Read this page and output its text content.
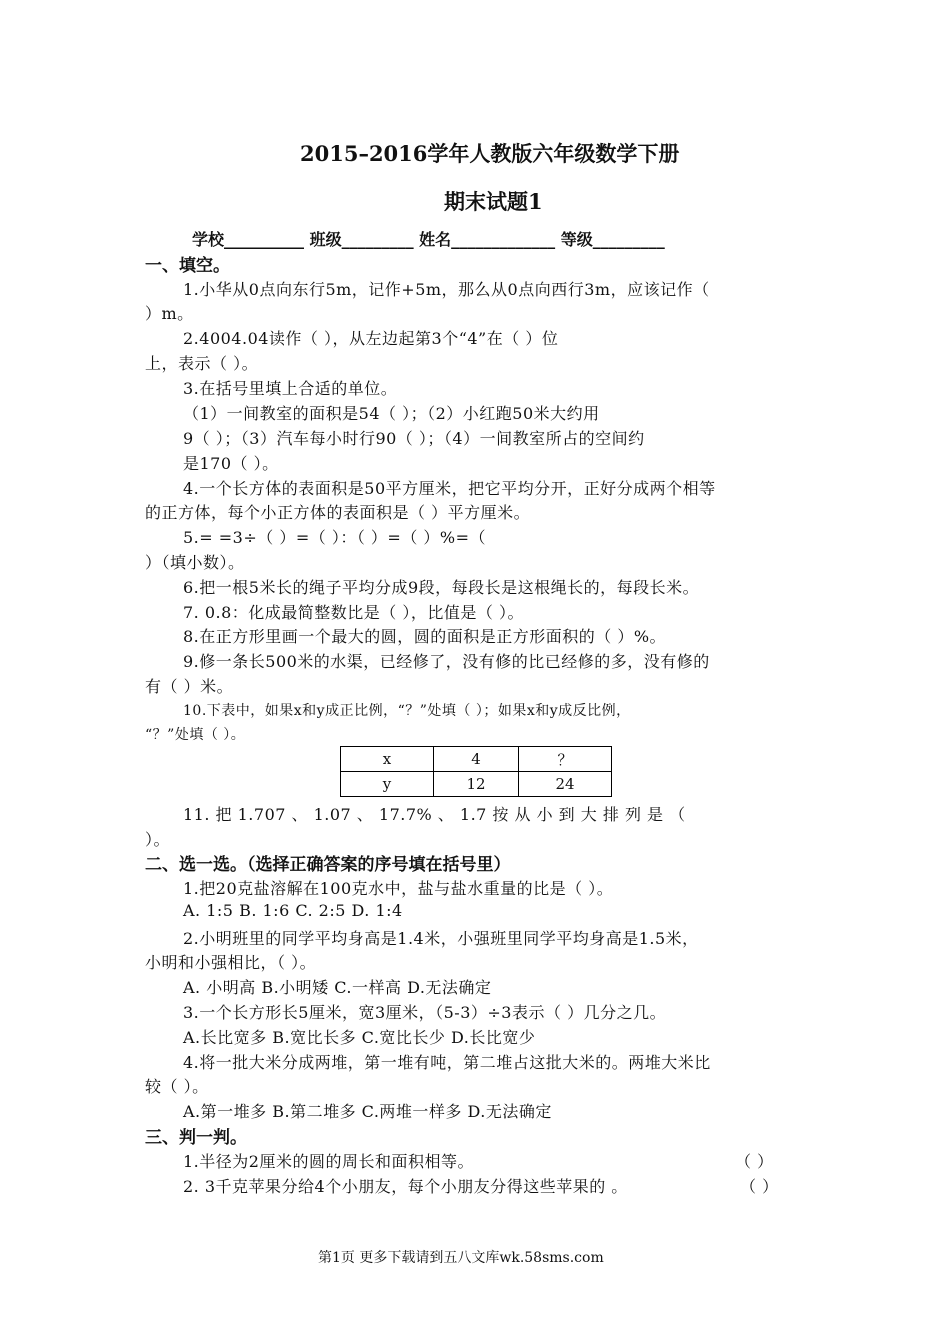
2015–2016学年人教版六年级数学下册
期末试题1
学校__________ 班级_________ 姓名_____________ 等级_________
一、填空。
1.小华从0点向东行5m，记作+5m，那么从0点向西行3m，应该记作（
）m。
2.4004.04读作（ ），从左边起第3个“4”在（ ）位
上，表示（ ）。
3.在括号里填上合适的单位。
（1）一间教室的面积是54（ ）；（2）小红跑50米大约用
9（ ）；（3）汽车每小时行90（ ）；（4）一间教室所占的空间约
是170（ ）。
4.一个长方体的表面积是50平方厘米，把它平均分开，正好分成两个相等
的正方体，每个小正方体的表面积是（ ）平方厘米。
5.= =3÷（ ）=（ ）：（ ）=（ ）%=（
）（填小数）。
6.把一根5米长的绳子平均分成9段，每段长是这根绳长的，每段长米。
7. 0.8：化成最简整数比是（ ），比值是（ ）。
8.在正方形里画一个最大的圆，圆的面积是正方形面积的（ ）%。
9.修一条长500米的水渠，已经修了，没有修的比已经修的多，没有修的
有（ ）米。
10.下表中，如果x和y成正比例，“？”处填（ ）；如果x和y成反比例，
“？”处填（ ）。
x	4	？
y	12	24
11. 把 1.707 、 1.07 、 17.7% 、 1.7 按 从 小 到 大 排 列 是 （
）。
二、选一选。（选择正确答案的序号填在括号里）
1.把20克盐溶解在100克水中，盐与盐水重量的比是（ ）。
A. 1:5 B. 1:6 C. 2:5 D. 1:4
2.小明班里的同学平均身高是1.4米，小强班里同学平均身高是1.5米，
小明和小强相比，（ ）。
A. 小明高 B.小明矮 C.一样高 D.无法确定
3.一个长方形长5厘米，宽3厘米，（5-3）÷3表示（ ）几分之几。
A.长比宽多 B.宽比长多 C.宽比长少 D.长比宽少
4.将一批大米分成两堆，第一堆有吨，第二堆占这批大米的。两堆大米比
较（ ）。
A.第一堆多 B.第二堆多 C.两堆一样多 D.无法确定
三、判一判。
1.半径为2厘米的圆的周长和面积相等。	（ ）
2. 3千克苹果分给4个小朋友，每个小朋友分得这些苹果的 。	（ ）
第1页 更多下载请到五八文库wk.58sms.com
